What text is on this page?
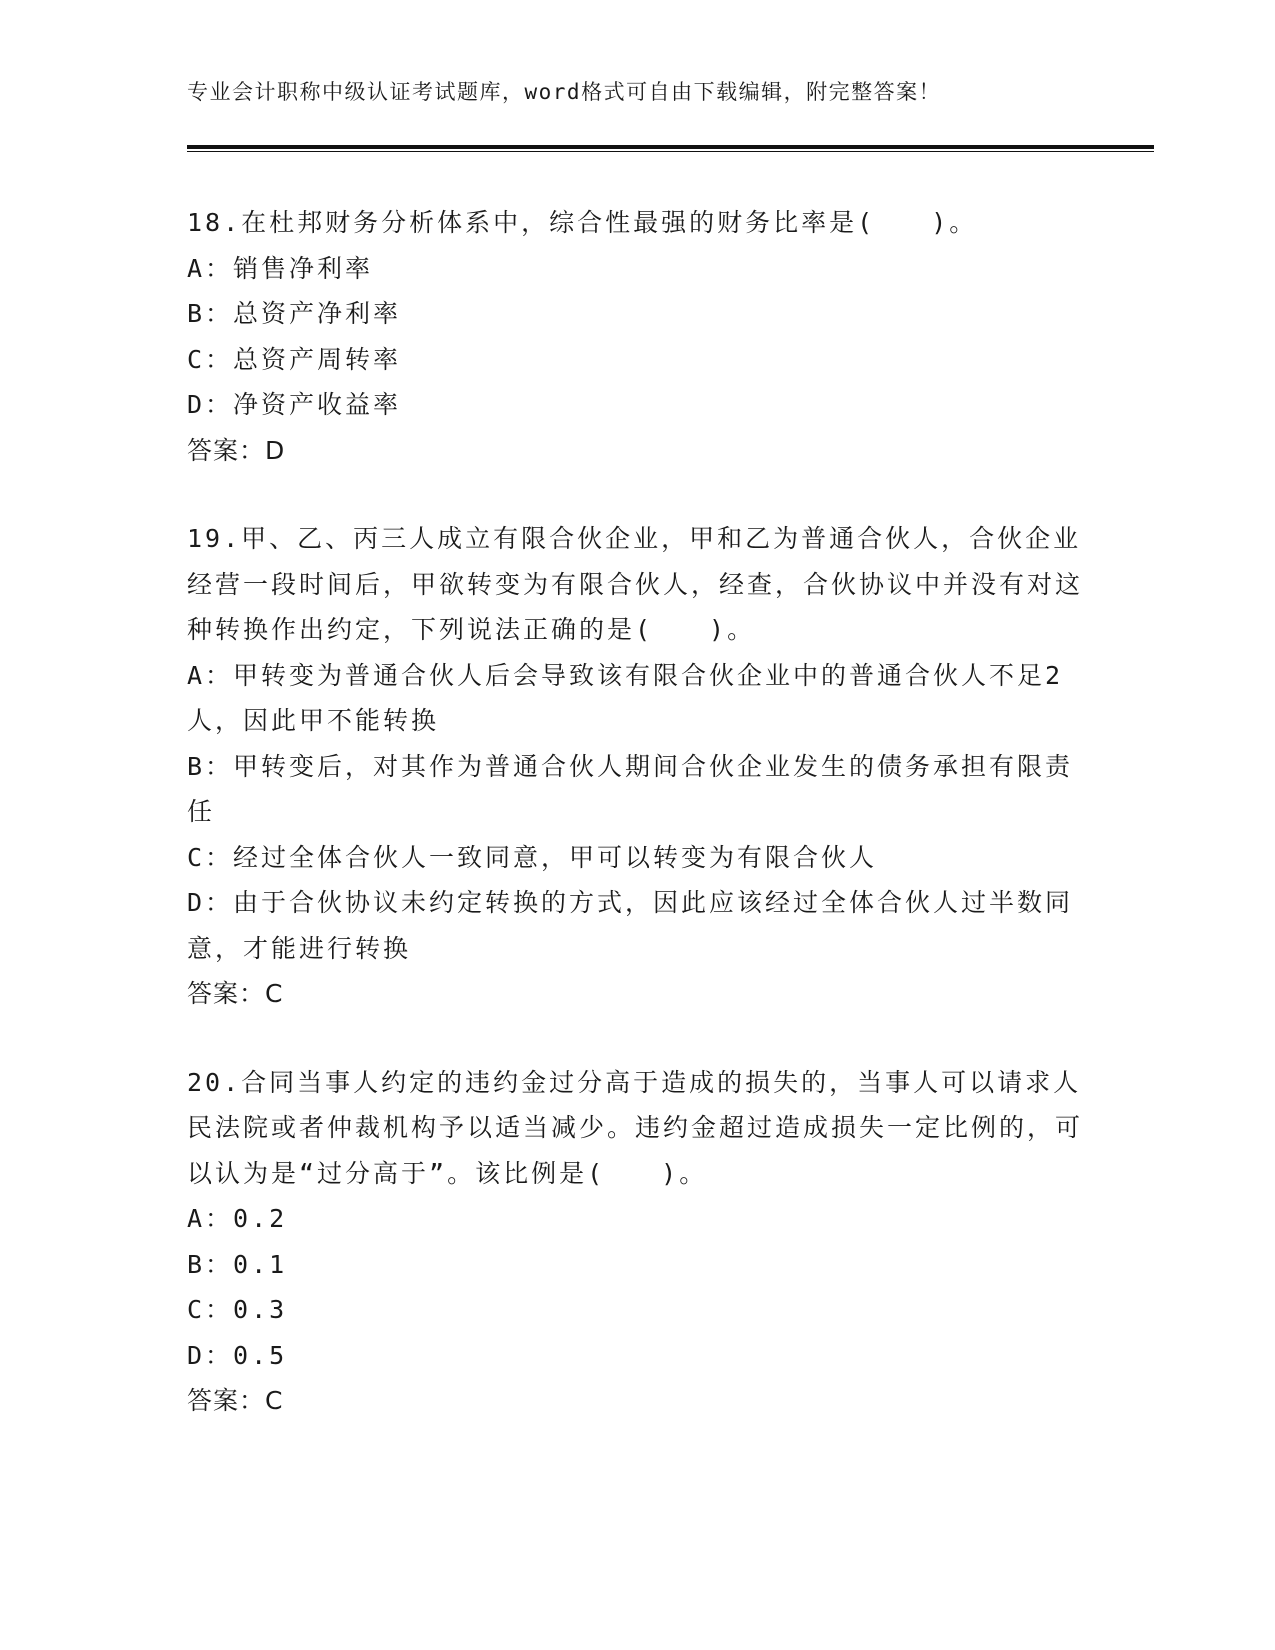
专业会计职称中级认证考试题库，word格式可自由下载编辑，附完整答案！

18.在杜邦财务分析体系中，综合性最强的财务比率是(　　)。

A：销售净利率

B：总资产净利率

C：总资产周转率

D：净资产收益率

答案：D

19.甲、乙、丙三人成立有限合伙企业，甲和乙为普通合伙人，合伙企业经营一段时间后，甲欲转变为有限合伙人，经查，合伙协议中并没有对这种转换作出约定，下列说法正确的是(　　)。

A：甲转变为普通合伙人后会导致该有限合伙企业中的普通合伙人不足2人，因此甲不能转换

B：甲转变后，对其作为普通合伙人期间合伙企业发生的债务承担有限责任

C：经过全体合伙人一致同意，甲可以转变为有限合伙人

D：由于合伙协议未约定转换的方式，因此应该经过全体合伙人过半数同意，才能进行转换

答案：C

20.合同当事人约定的违约金过分高于造成的损失的，当事人可以请求人民法院或者仲裁机构予以适当减少。违约金超过造成损失一定比例的，可以认为是“过分高于”。该比例是(　　)。

A：0.2

B：0.1

C：0.3

D：0.5

答案：C
